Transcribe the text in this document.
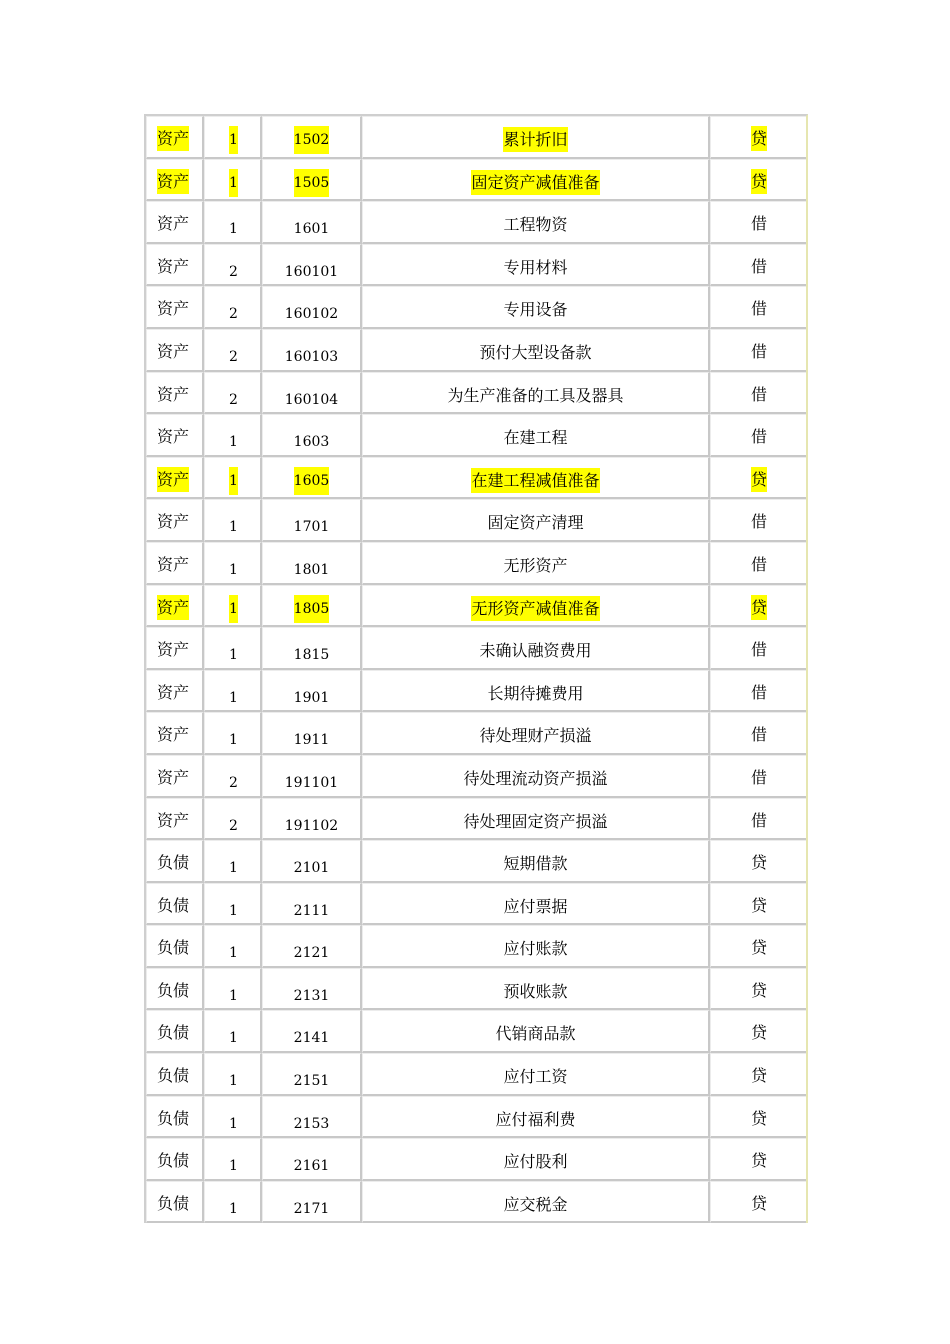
资产	1	1502	累计折旧	贷
资产	1	1505	固定资产减值准备	贷
资产	1	1601	工程物资	借
资产	2	160101	专用材料	借
资产	2	160102	专用设备	借
资产	2	160103	预付大型设备款	借
资产	2	160104	为生产准备的工具及器具	借
资产	1	1603	在建工程	借
资产	1	1605	在建工程减值准备	贷
资产	1	1701	固定资产清理	借
资产	1	1801	无形资产	借
资产	1	1805	无形资产减值准备	贷
资产	1	1815	未确认融资费用	借
资产	1	1901	长期待摊费用	借
资产	1	1911	待处理财产损溢	借
资产	2	191101	待处理流动资产损溢	借
资产	2	191102	待处理固定资产损溢	借
负债	1	2101	短期借款	贷
负债	1	2111	应付票据	贷
负债	1	2121	应付账款	贷
负债	1	2131	预收账款	贷
负债	1	2141	代销商品款	贷
负债	1	2151	应付工资	贷
负债	1	2153	应付福利费	贷
负债	1	2161	应付股利	贷
负债	1	2171	应交税金	贷
